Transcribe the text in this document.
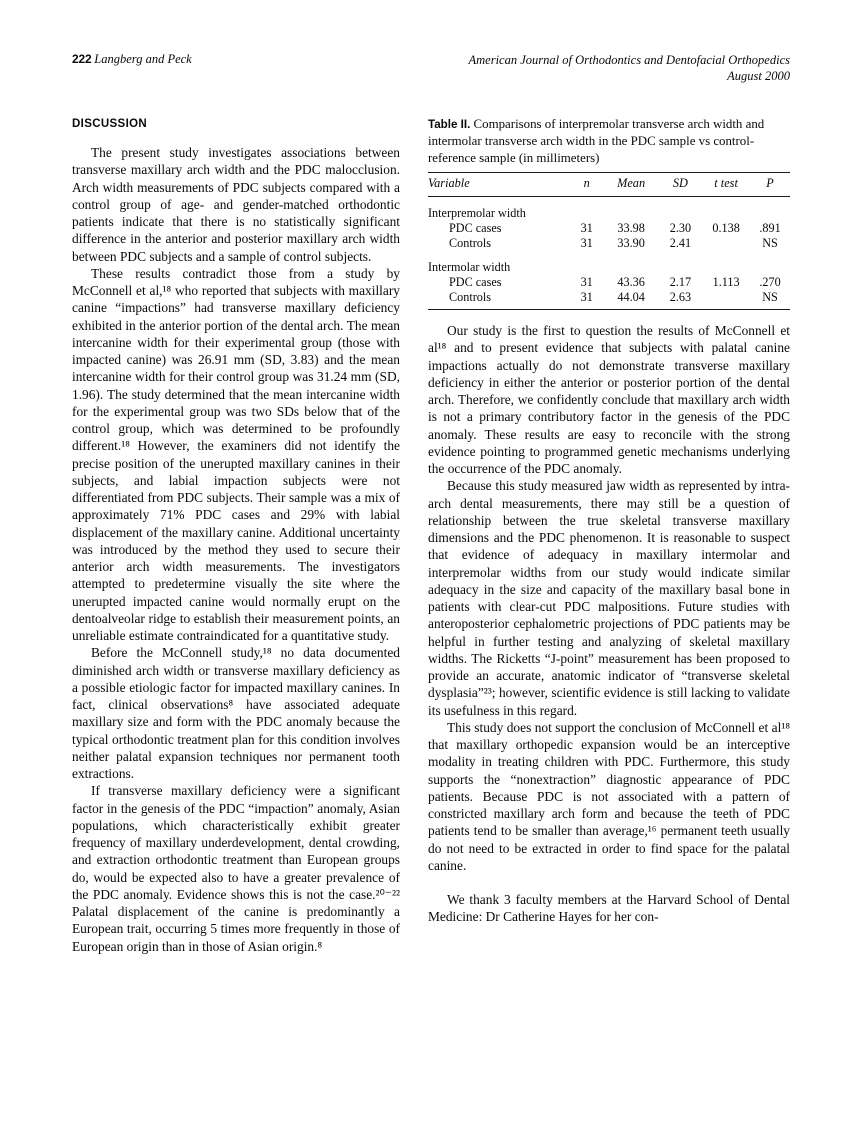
222 Langberg and Peck	American Journal of Orthodontics and Dentofacial Orthopedics
August 2000
DISCUSSION

The present study investigates associations between transverse maxillary arch width and the PDC malocclusion. Arch width measurements of PDC subjects compared with a control group of age- and gender-matched orthodontic patients indicate that there is no statistically significant difference in the anterior and posterior maxillary arch width between PDC subjects and a sample of control subjects.

These results contradict those from a study by McConnell et al,¹⁸ who reported that subjects with maxillary canine “impactions” had transverse maxillary deficiency exhibited in the anterior portion of the dental arch. The mean intercanine width for their experimental group (those with impacted canine) was 26.91 mm (SD, 3.83) and the mean intercanine width for their control group was 31.24 mm (SD, 1.96). The study determined that the mean intercanine width for the experimental group was two SDs below that of the control group, which was determined to be profoundly different.¹⁸ However, the examiners did not identify the precise position of the unerupted maxillary canines in their subjects, and labial impaction subjects were not differentiated from PDC subjects. Their sample was a mix of approximately 71% PDC cases and 29% with labial displacement of the maxillary canine. Additional uncertainty was introduced by the method they used to secure their anterior arch width measurements. The investigators attempted to predetermine visually the site where the unerupted impacted canine would normally erupt on the dentoalveolar ridge to establish their measurement points, an unreliable estimate contraindicated for a quantitative study.

Before the McConnell study,¹⁸ no data documented diminished arch width or transverse maxillary deficiency as a possible etiologic factor for impacted maxillary canines. In fact, clinical observations⁸ have associated adequate maxillary size and form with the PDC anomaly because the typical orthodontic treatment plan for this condition involves neither palatal expansion techniques nor permanent tooth extractions.

If transverse maxillary deficiency were a significant factor in the genesis of the PDC “impaction” anomaly, Asian populations, which characteristically exhibit greater frequency of maxillary underdevelopment, dental crowding, and extraction orthodontic treatment than European groups do, would be expected also to have a greater prevalence of the PDC anomaly. Evidence shows this is not the case.²⁰⁻²² Palatal displacement of the canine is predominantly a European trait, occurring 5 times more frequently in those of European origin than in those of Asian origin.⁸

Table II. Comparisons of interpremolar transverse arch width and intermolar transverse arch width in the PDC sample vs control-reference sample (in millimeters)

Variable	n	Mean	SD	t test	P
Interpremolar width					
PDC cases	31	33.98	2.30	0.138	.891
Controls	31	33.90	2.41		NS
Intermolar width					
PDC cases	31	43.36	2.17	1.113	.270
Controls	31	44.04	2.63		NS

Our study is the first to question the results of McConnell et al¹⁸ and to present evidence that subjects with palatal canine impactions actually do not demonstrate transverse maxillary deficiency in either the anterior or posterior portion of the dental arch. Therefore, we confidently conclude that maxillary arch width is not a primary contributory factor in the genesis of the PDC anomaly. These results are easy to reconcile with the strong evidence pointing to programmed genetic mechanisms underlying the occurrence of the PDC anomaly.

Because this study measured jaw width as represented by intra-arch dental measurements, there may still be a question of relationship between the true skeletal transverse maxillary dimensions and the PDC phenomenon. It is reasonable to suspect that evidence of adequacy in maxillary intermolar and interpremolar widths from our study would indicate similar adequacy in the size and capacity of the maxillary basal bone in patients with clear-cut PDC malpositions. Future studies with anteroposterior cephalometric projections of PDC patients may be helpful in further testing and analyzing of skeletal maxillary widths. The Ricketts “J-point” measurement has been proposed to provide an accurate, anatomic indicator of “transverse skeletal dysplasia”²³; however, scientific evidence is still lacking to validate its usefulness in this regard.

This study does not support the conclusion of McConnell et al¹⁸ that maxillary orthopedic expansion would be an interceptive modality in treating children with PDC. Furthermore, this study supports the “nonextraction” diagnostic appearance of PDC patients. Because PDC is not associated with a pattern of constricted maxillary arch form and because the teeth of PDC patients tend to be smaller than average,¹⁶ permanent teeth usually do not need to be extracted in order to find space for the palatal canine.

We thank 3 faculty members at the Harvard School of Dental Medicine: Dr Catherine Hayes for her con-
